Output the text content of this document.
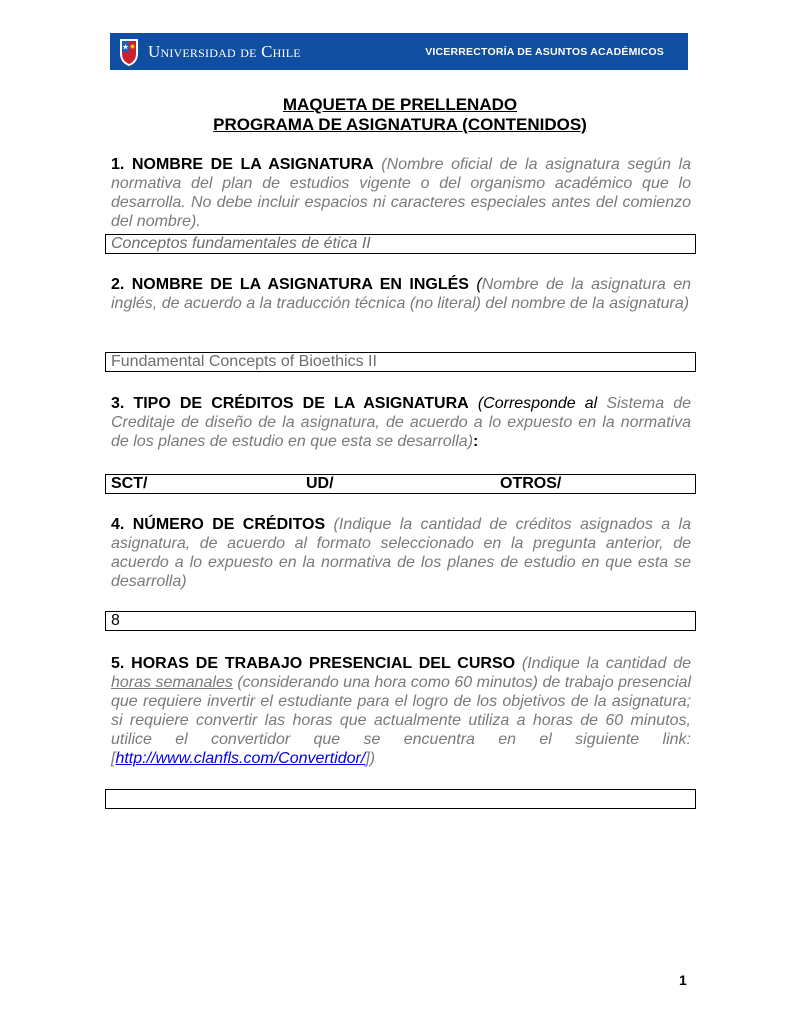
Universidad de Chile	VICERRECTORÍA DE ASUNTOS ACADÉMICOS

MAQUETA DE PRELLENADO

PROGRAMA DE ASIGNATURA (CONTENIDOS)

1. NOMBRE DE LA ASIGNATURA (Nombre oficial de la asignatura según la normativa del plan de estudios vigente o del organismo académico que lo desarrolla. No debe incluir espacios ni caracteres especiales antes del comienzo del nombre).

Conceptos fundamentales de ética II

2. NOMBRE DE LA ASIGNATURA EN INGLÉS (Nombre de la asignatura en inglés, de acuerdo a la traducción técnica (no literal) del nombre de la asignatura)

Fundamental Concepts of Bioethics II

3. TIPO DE CRÉDITOS DE LA ASIGNATURA (Corresponde al Sistema de Creditaje de diseño de la asignatura, de acuerdo a lo expuesto en la normativa de los planes de estudio en que esta se desarrolla):

SCT/	UD/	OTROS/

4. NÚMERO DE CRÉDITOS (Indique la cantidad de créditos asignados a la asignatura, de acuerdo al formato seleccionado en la pregunta anterior, de acuerdo a lo expuesto en la normativa de los planes de estudio en que esta se desarrolla)

8

5. HORAS DE TRABAJO PRESENCIAL DEL CURSO (Indique la cantidad de horas semanales (considerando una hora como 60 minutos) de trabajo presencial que requiere invertir el estudiante para el logro de los objetivos de la asignatura; si requiere convertir las horas que actualmente utiliza a horas de 60 minutos, utilice el convertidor que se encuentra en el siguiente link: [http://www.clanfls.com/Convertidor/])

1
